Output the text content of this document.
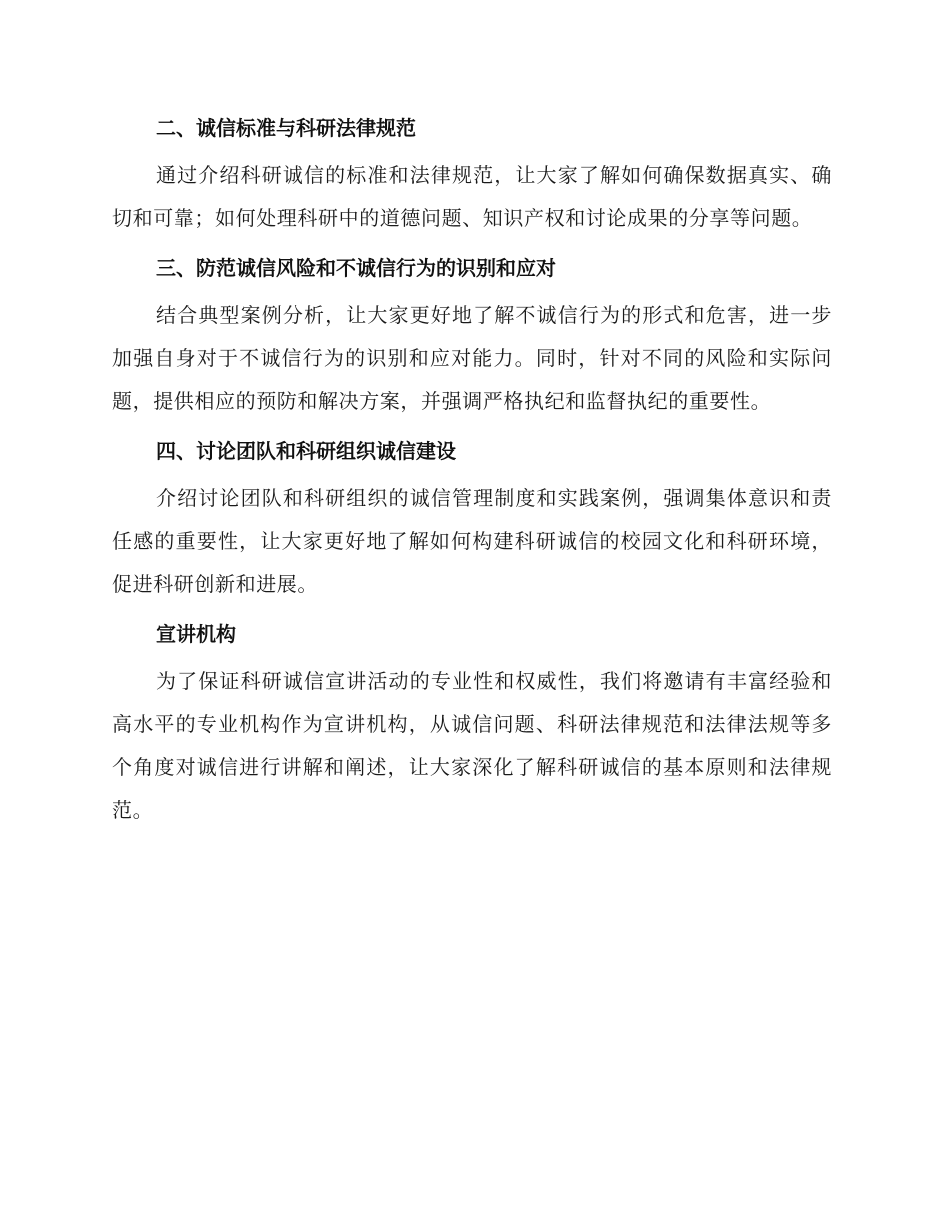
二、诚信标准与科研法律规范

通过介绍科研诚信的标准和法律规范，让大家了解如何确保数据真实、确切和可靠；如何处理科研中的道德问题、知识产权和讨论成果的分享等问题。

三、防范诚信风险和不诚信行为的识别和应对

结合典型案例分析，让大家更好地了解不诚信行为的形式和危害，进一步加强自身对于不诚信行为的识别和应对能力。同时，针对不同的风险和实际问题，提供相应的预防和解决方案，并强调严格执纪和监督执纪的重要性。

四、讨论团队和科研组织诚信建设

介绍讨论团队和科研组织的诚信管理制度和实践案例，强调集体意识和责任感的重要性，让大家更好地了解如何构建科研诚信的校园文化和科研环境，促进科研创新和进展。

宣讲机构

为了保证科研诚信宣讲活动的专业性和权威性，我们将邀请有丰富经验和高水平的专业机构作为宣讲机构，从诚信问题、科研法律规范和法律法规等多个角度对诚信进行讲解和阐述，让大家深化了解科研诚信的基本原则和法律规范。
